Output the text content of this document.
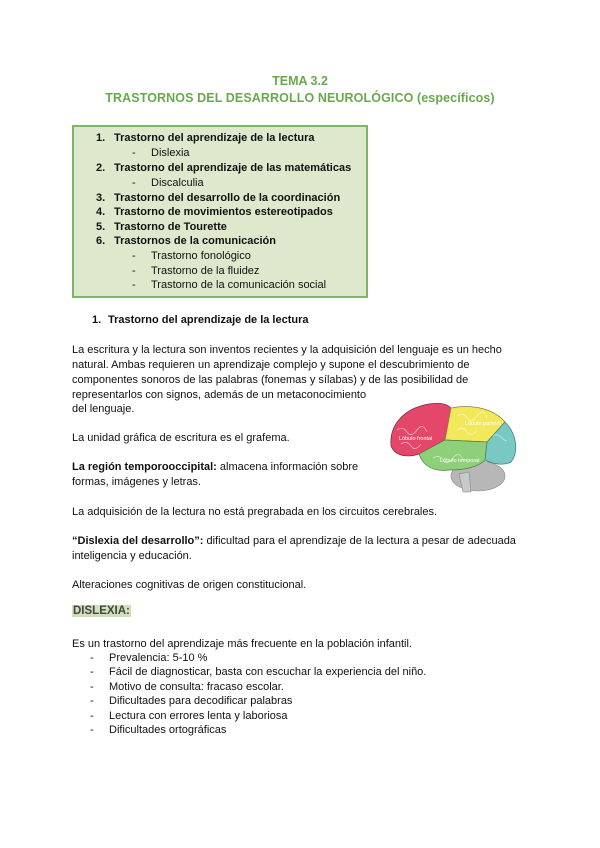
TEMA 3.2
TRASTORNOS DEL DESARROLLO NEUROLÓGICO (específicos)
1. Trastorno del aprendizaje de la lectura
- Dislexia
2. Trastorno del aprendizaje de las matemáticas
- Discalculia
3. Trastorno del desarrollo de la coordinación
4. Trastorno de movimientos estereotipados
5. Trastorno de Tourette
6. Trastornos de la comunicación
- Trastorno fonológico
- Trastorno de la fluidez
- Trastorno de la comunicación social
1. Trastorno del aprendizaje de la lectura
La escritura y la lectura son inventos recientes y la adquisición del lenguaje es un hecho
natural. Ambas requieren un aprendizaje complejo y supone el descubrimiento de
componentes sonoros de las palabras (fonemas y sílabas) y de las posibilidad de
representarlos con signos, además de un metaconocimiento
del lenguaje.
La unidad gráfica de escritura es el grafema.
La región temporooccipital: almacena información sobre
formas, imágenes y letras.
La adquisición de la lectura no está pregrabada en los circuitos cerebrales.
“Dislexia del desarrollo”: dificultad para el aprendizaje de la lectura a pesar de adecuada
inteligencia y educación.
Alteraciones cognitivas de origen constitucional.
Lóbulo frontal
Lóbulo parietal
Lóbulo temporal
DISLEXIA:
Es un trastorno del aprendizaje más frecuente en la población infantil.
- Prevalencia: 5-10 %
- Fácil de diagnosticar, basta con escuchar la experiencia del niño.
- Motivo de consulta: fracaso escolar.
- Dificultades para decodificar palabras
- Lectura con errores lenta y laboriosa
- Dificultades ortográficas
